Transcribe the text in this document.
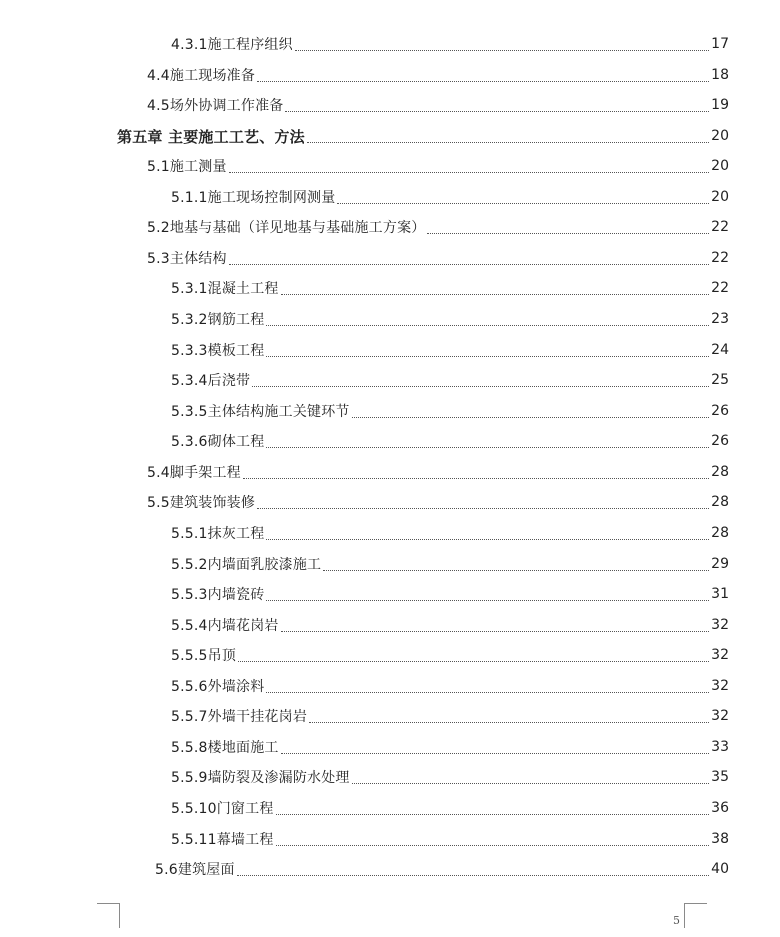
4.3.1施工程序组织	17
4.4施工现场准备	18
4.5场外协调工作准备	19
第五章 主要施工工艺、方法	20
5.1施工测量	20
5.1.1施工现场控制网测量	20
5.2地基与基础（详见地基与基础施工方案）	22
5.3主体结构	22
5.3.1混凝土工程	22
5.3.2钢筋工程	23
5.3.3模板工程	24
5.3.4后浇带	25
5.3.5主体结构施工关键环节	26
5.3.6砌体工程	26
5.4脚手架工程	28
5.5建筑装饰装修	28
5.5.1抹灰工程	28
5.5.2内墙面乳胶漆施工	29
5.5.3内墙瓷砖	31
5.5.4内墙花岗岩	32
5.5.5吊顶	32
5.5.6外墙涂料	32
5.5.7外墙干挂花岗岩	32
5.5.8楼地面施工	33
5.5.9墙防裂及渗漏防水处理	35
5.5.10门窗工程	36
5.5.11幕墙工程	38
5.6建筑屋面	40
5
